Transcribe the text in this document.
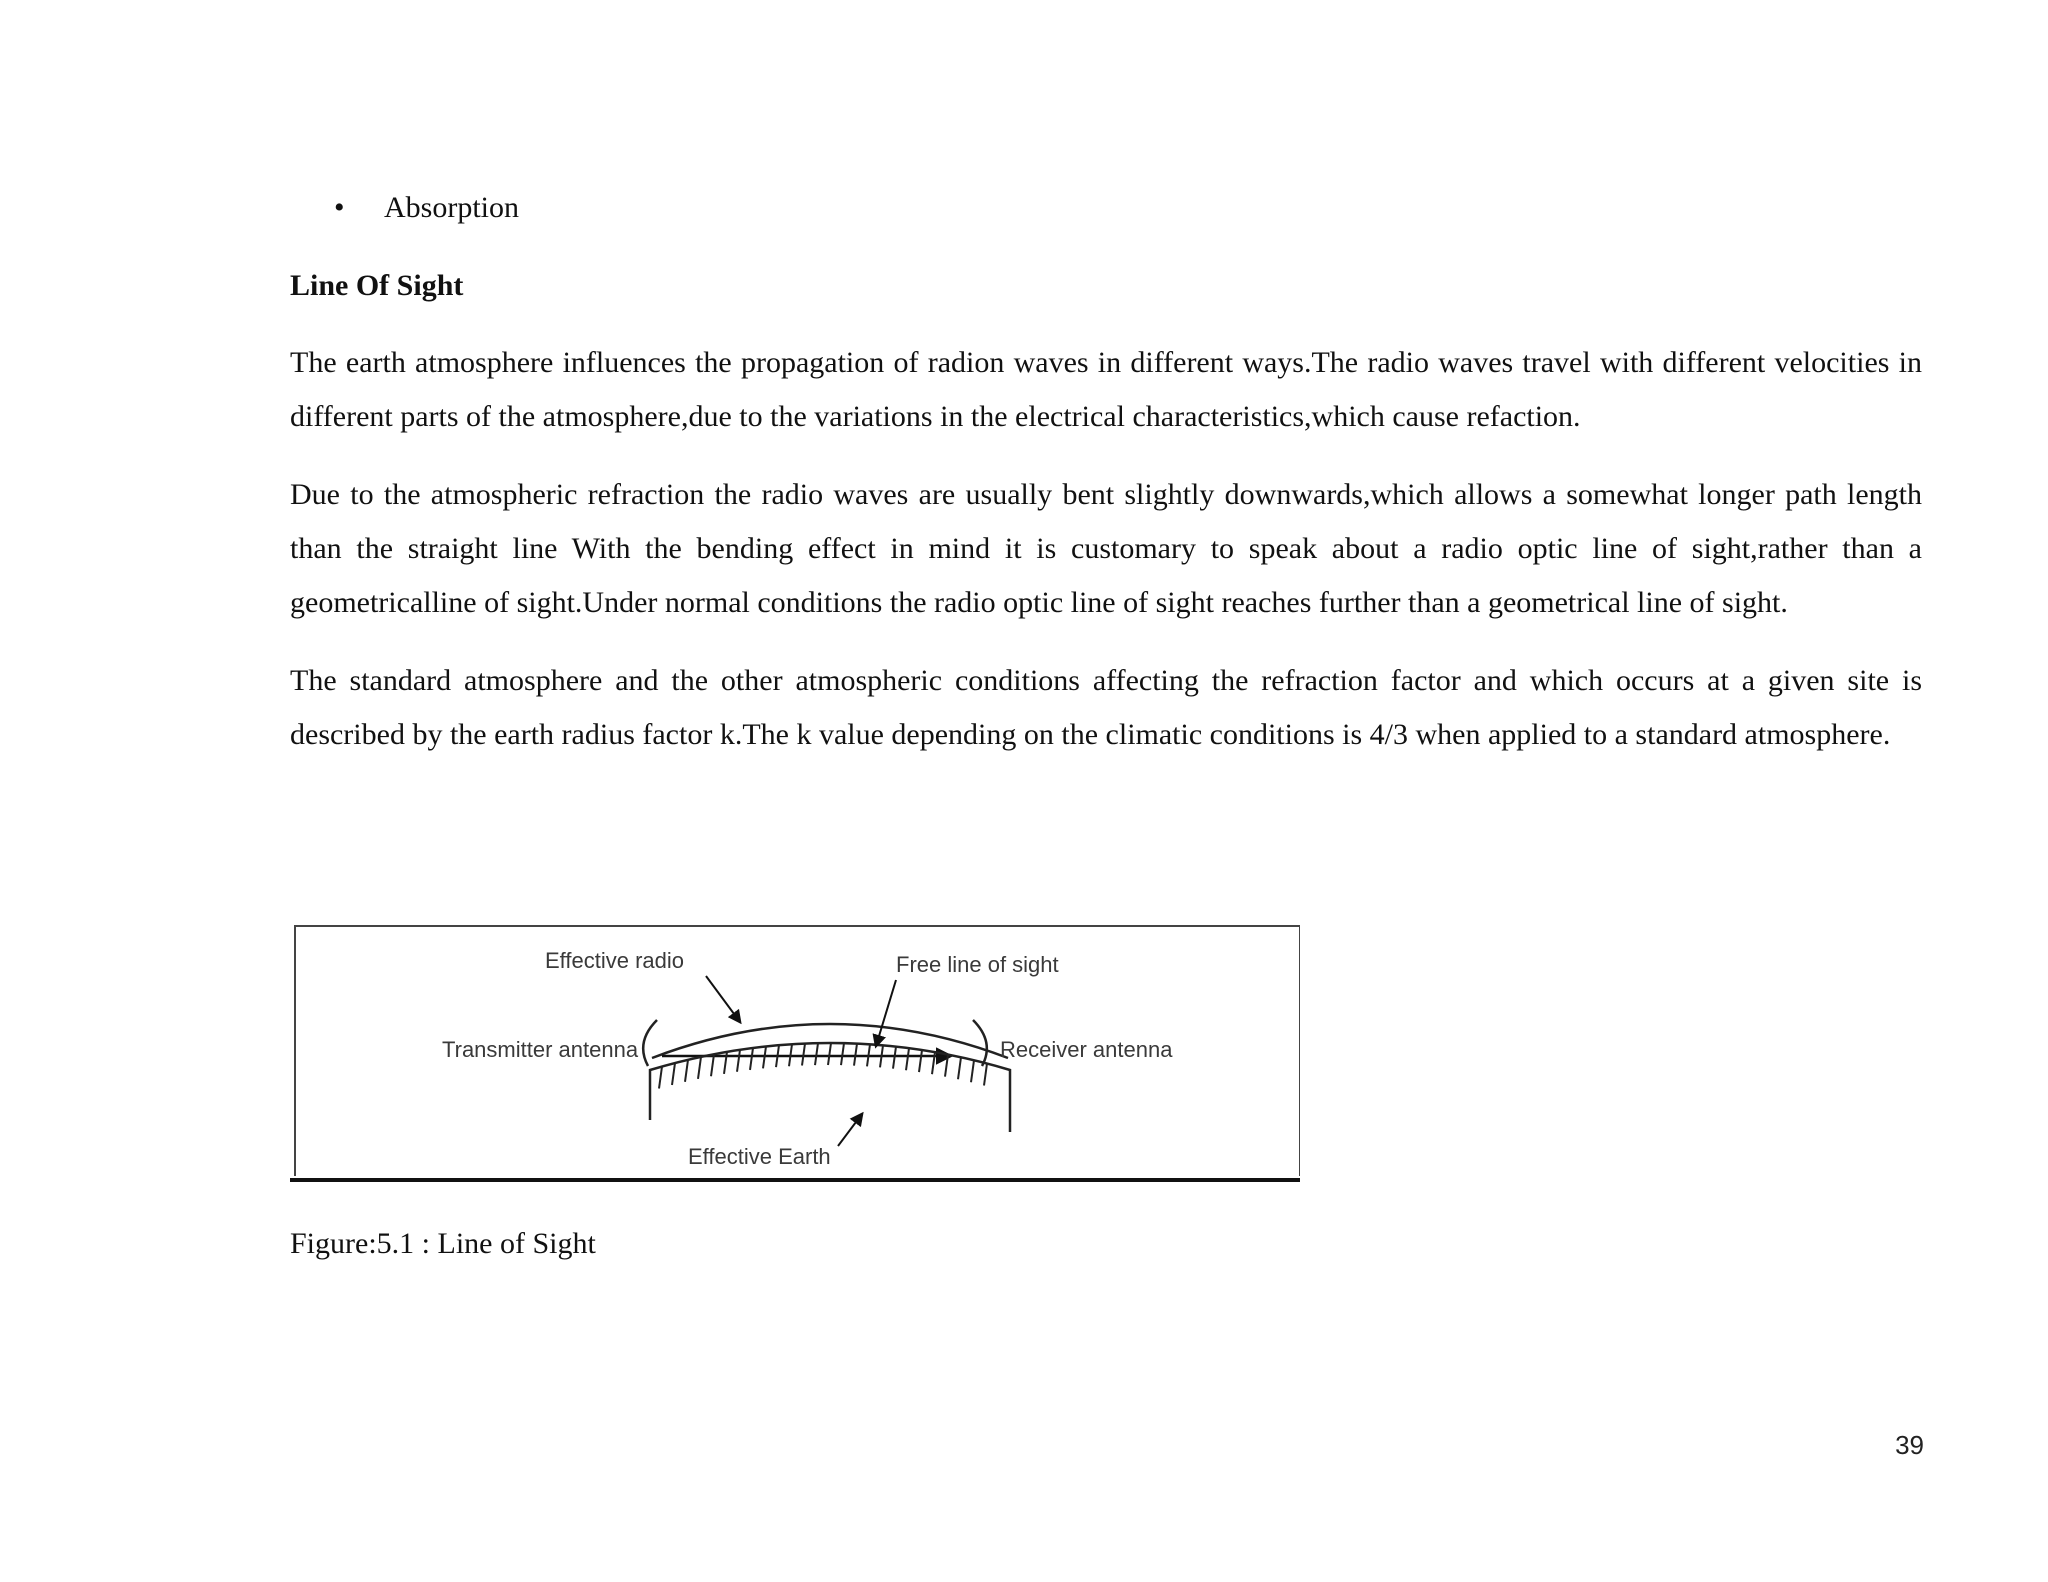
•	Absorption
Line Of Sight

The earth atmosphere influences the propagation of radion waves in different ways.The radio waves travel with different velocities in different parts of the atmosphere,due to the variations in the electrical characteristics,which cause refaction.

Due to the atmospheric refraction the radio waves are usually bent slightly downwards,which allows a somewhat longer path length than the straight line With the bending effect in mind it is customary to speak about a radio optic line of sight,rather than a geometricalline of sight.Under normal conditions the radio optic line of sight reaches further than a geometrical line of sight.

The standard atmosphere and the other atmospheric conditions affecting the refraction factor and which occurs at a given site is described by the earth radius factor k.The k value depending on the climatic conditions is 4/3 when applied to a standard atmosphere.

Effective radio	Free line of sight
Transmitter antenna	Receiver antenna
Effective Earth
Figure:5.1 : Line of Sight
39
